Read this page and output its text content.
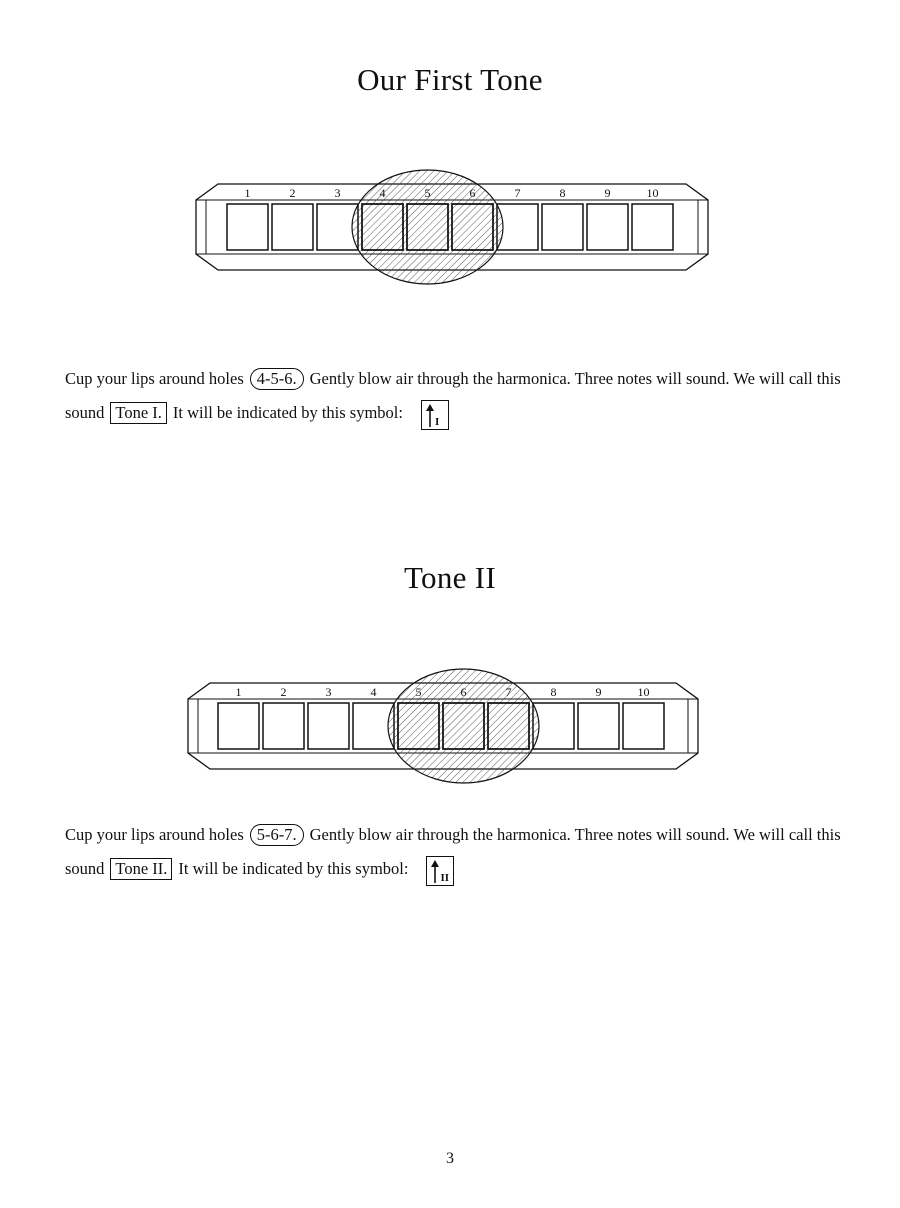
Our First Tone
1	2	3	7	8	9	10

Cup your lips around holes 4-5-6. Gently blow air through the harmonica. Three notes will sound. We will call this sound Tone I. It will be indicated by this symbol:	I

Tone II
1	2	3	4	8	9	10

Cup your lips around holes 5-6-7. Gently blow air through the harmonica. Three notes will sound. We will call this sound Tone II. It will be indicated by this symbol:	II

3
